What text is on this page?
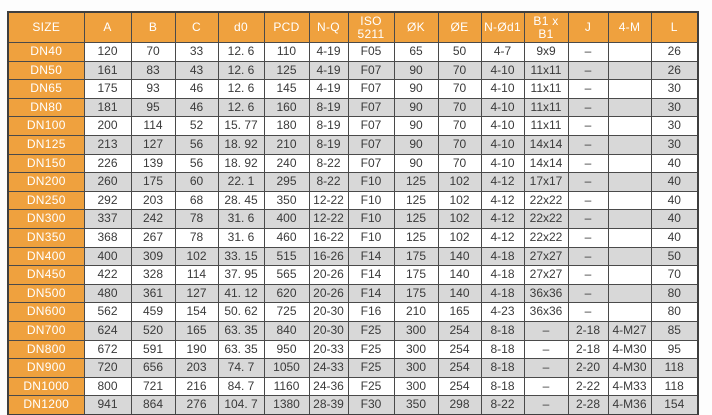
SIZE	A	B	C	d0	PCD	N-Q	ISO 5211	ØK	ØE	N-Ød1	B1 x B1	J	4-M	L
DN40	120	70	33	12. 6	110	4-19	F05	65	50	4-7	9x9	–		26
DN50	161	83	43	12. 6	125	4-19	F07	90	70	4-10	11x11	–		26
DN65	175	93	46	12. 6	145	4-19	F07	90	70	4-10	11x11	–		30
DN80	181	95	46	12. 6	160	8-19	F07	90	70	4-10	11x11	–		30
DN100	200	114	52	15. 77	180	8-19	F07	90	70	4-10	11x11	–		30
DN125	213	127	56	18. 92	210	8-19	F07	90	70	4-10	14x14	–		30
DN150	226	139	56	18. 92	240	8-22	F07	90	70	4-10	14x14	–		40
DN200	260	175	60	22. 1	295	8-22	F10	125	102	4-12	17x17	–		40
DN250	292	203	68	28. 45	350	12-22	F10	125	102	4-12	22x22	–		40
DN300	337	242	78	31. 6	400	12-22	F10	125	102	4-12	22x22	–		40
DN350	368	267	78	31. 6	460	16-22	F10	125	102	4-12	22x22	–		40
DN400	400	309	102	33. 15	515	16-26	F14	175	140	4-18	27x27	–		50
DN450	422	328	114	37. 95	565	20-26	F14	175	140	4-18	27x27	–		70
DN500	480	361	127	41. 12	620	20-26	F14	175	140	4-18	36x36	–		80
DN600	562	459	154	50. 62	725	20-30	F16	210	165	4-23	36x36	–		80
DN700	624	520	165	63. 35	840	20-30	F25	300	254	8-18	–	2-18	4-M27	85
DN800	672	591	190	63. 35	950	20-33	F25	300	254	8-18	–	2-18	4-M30	95
DN900	720	656	203	74. 7	1050	24-33	F25	300	254	8-18	–	2-20	4-M30	118
DN1000	800	721	216	84. 7	1160	24-36	F25	300	254	8-18	–	2-22	4-M33	118
DN1200	941	864	276	104. 7	1380	28-39	F30	350	298	8-22	–	2-28	4-M36	154
